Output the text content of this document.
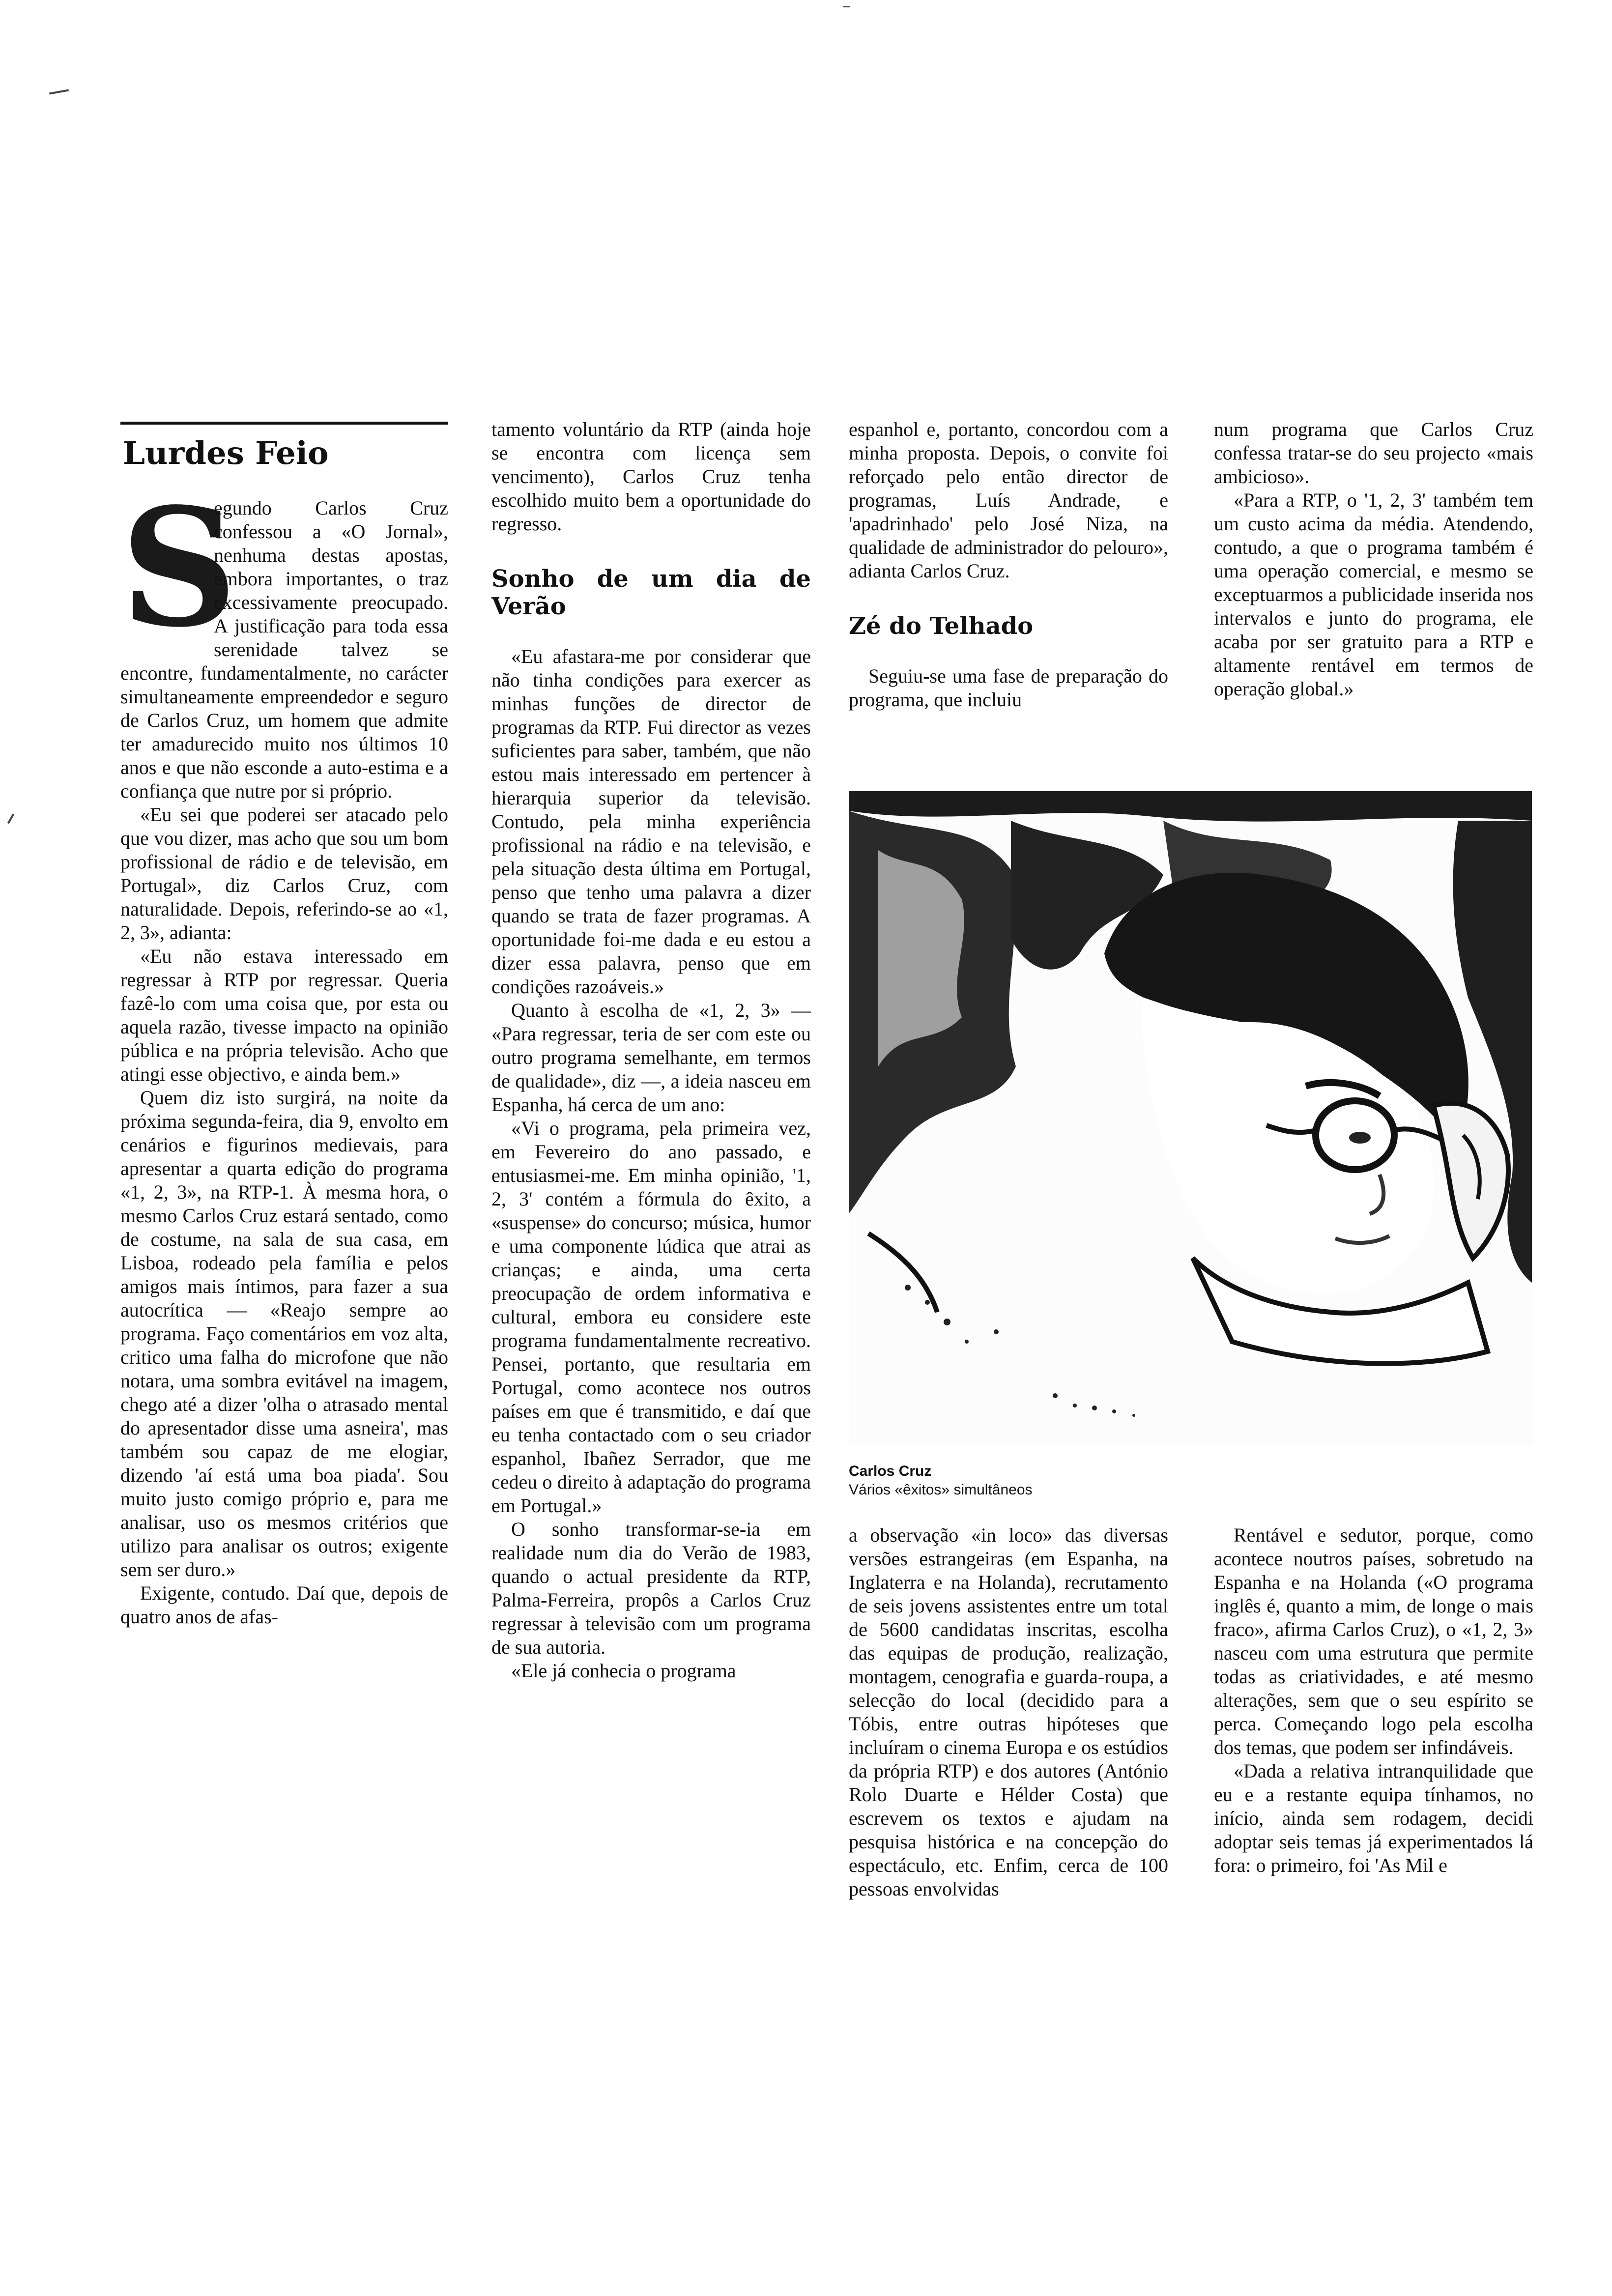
Lurdes Feio
S

egundo Carlos Cruz confessou a «O Jornal», nenhuma destas apostas, embora importantes, o traz excessivamente preocupado. A justificação para toda essa serenidade talvez se encontre, fundamentalmente, no carácter simultaneamente empreendedor e seguro de Carlos Cruz, um homem que admite ter amadurecido muito nos últimos 10 anos e que não esconde a auto-estima e a confiança que nutre por si próprio.

«Eu sei que poderei ser atacado pelo que vou dizer, mas acho que sou um bom profissional de rádio e de televisão, em Portugal», diz Carlos Cruz, com naturalidade. Depois, referindo-se ao «1, 2, 3», adianta:

«Eu não estava interessado em regressar à RTP por regressar. Queria fazê-lo com uma coisa que, por esta ou aquela razão, tivesse impacto na opinião pública e na própria televisão. Acho que atingi esse objectivo, e ainda bem.»

Quem diz isto surgirá, na noite da próxima segunda-feira, dia 9, envolto em cenários e figurinos medievais, para apresentar a quarta edição do programa «1, 2, 3», na RTP-1. À mesma hora, o mesmo Carlos Cruz estará sentado, como de costume, na sala de sua casa, em Lisboa, rodeado pela família e pelos amigos mais íntimos, para fazer a sua autocrítica — «Reajo sempre ao programa. Faço comentários em voz alta, critico uma falha do microfone que não notara, uma sombra evitável na imagem, chego até a dizer 'olha o atrasado mental do apresentador disse uma asneira', mas também sou capaz de me elogiar, dizendo 'aí está uma boa piada'. Sou muito justo comigo próprio e, para me analisar, uso os mesmos critérios que utilizo para analisar os outros; exigente sem ser duro.»

Exigente, contudo. Daí que, depois de quatro anos de afas-

tamento voluntário da RTP (ainda hoje se encontra com licença sem vencimento), Carlos Cruz tenha escolhido muito bem a oportunidade do regresso.

Sonho de um dia de Verão

«Eu afastara-me por considerar que não tinha condições para exercer as minhas funções de director de programas da RTP. Fui director as vezes suficientes para saber, também, que não estou mais interessado em pertencer à hierarquia superior da televisão. Contudo, pela minha experiência profissional na rádio e na televisão, e pela situação desta última em Portugal, penso que tenho uma palavra a dizer quando se trata de fazer programas. A oportunidade foi-me dada e eu estou a dizer essa palavra, penso que em condições razoáveis.»

Quanto à escolha de «1, 2, 3» — «Para regressar, teria de ser com este ou outro programa semelhante, em termos de qualidade», diz —, a ideia nasceu em Espanha, há cerca de um ano:

«Vi o programa, pela primeira vez, em Fevereiro do ano passado, e entusiasmei-me. Em minha opinião, '1, 2, 3' contém a fórmula do êxito, a «suspense» do concurso; música, humor e uma componente lúdica que atrai as crianças; e ainda, uma certa preocupação de ordem informativa e cultural, embora eu considere este programa fundamentalmente recreativo. Pensei, portanto, que resultaria em Portugal, como acontece nos outros países em que é transmitido, e daí que eu tenha contactado com o seu criador espanhol, Ibañez Serrador, que me cedeu o direito à adaptação do programa em Portugal.»

O sonho transformar-se-ia em realidade num dia do Verão de 1983, quando o actual presidente da RTP, Palma-Ferreira, propôs a Carlos Cruz regressar à televisão com um programa de sua autoria.

«Ele já conhecia o programa

espanhol e, portanto, concordou com a minha proposta. Depois, o convite foi reforçado pelo então director de programas, Luís Andrade, e 'apadrinhado' pelo José Niza, na qualidade de administrador do pelouro», adianta Carlos Cruz.

Zé do Telhado

Seguiu-se uma fase de preparação do programa, que incluiu

num programa que Carlos Cruz confessa tratar-se do seu projecto «mais ambicioso».

«Para a RTP, o '1, 2, 3' também tem um custo acima da média. Atendendo, contudo, a que o programa também é uma operação comercial, e mesmo se exceptuarmos a publicidade inserida nos intervalos e junto do programa, ele acaba por ser gratuito para a RTP e altamente rentável em termos de operação global.»

Carlos Cruz
Vários «êxitos» simultâneos

a observação «in loco» das diversas versões estrangeiras (em Espanha, na Inglaterra e na Holanda), recrutamento de seis jovens assistentes entre um total de 5600 candidatas inscritas, escolha das equipas de produção, realização, montagem, cenografia e guarda-roupa, a selecção do local (decidido para a Tóbis, entre outras hipóteses que incluíram o cinema Europa e os estúdios da própria RTP) e dos autores (António Rolo Duarte e Hélder Costa) que escrevem os textos e ajudam na pesquisa histórica e na concepção do espectáculo, etc. Enfim, cerca de 100 pessoas envolvidas

Rentável e sedutor, porque, como acontece noutros países, sobretudo na Espanha e na Holanda («O programa inglês é, quanto a mim, de longe o mais fraco», afirma Carlos Cruz), o «1, 2, 3» nasceu com uma estrutura que permite todas as criatividades, e até mesmo alterações, sem que o seu espírito se perca. Começando logo pela escolha dos temas, que podem ser infindáveis.

«Dada a relativa intranquilidade que eu e a restante equipa tínhamos, no início, ainda sem rodagem, decidi adoptar seis temas já experimentados lá fora: o primeiro, foi 'As Mil e
